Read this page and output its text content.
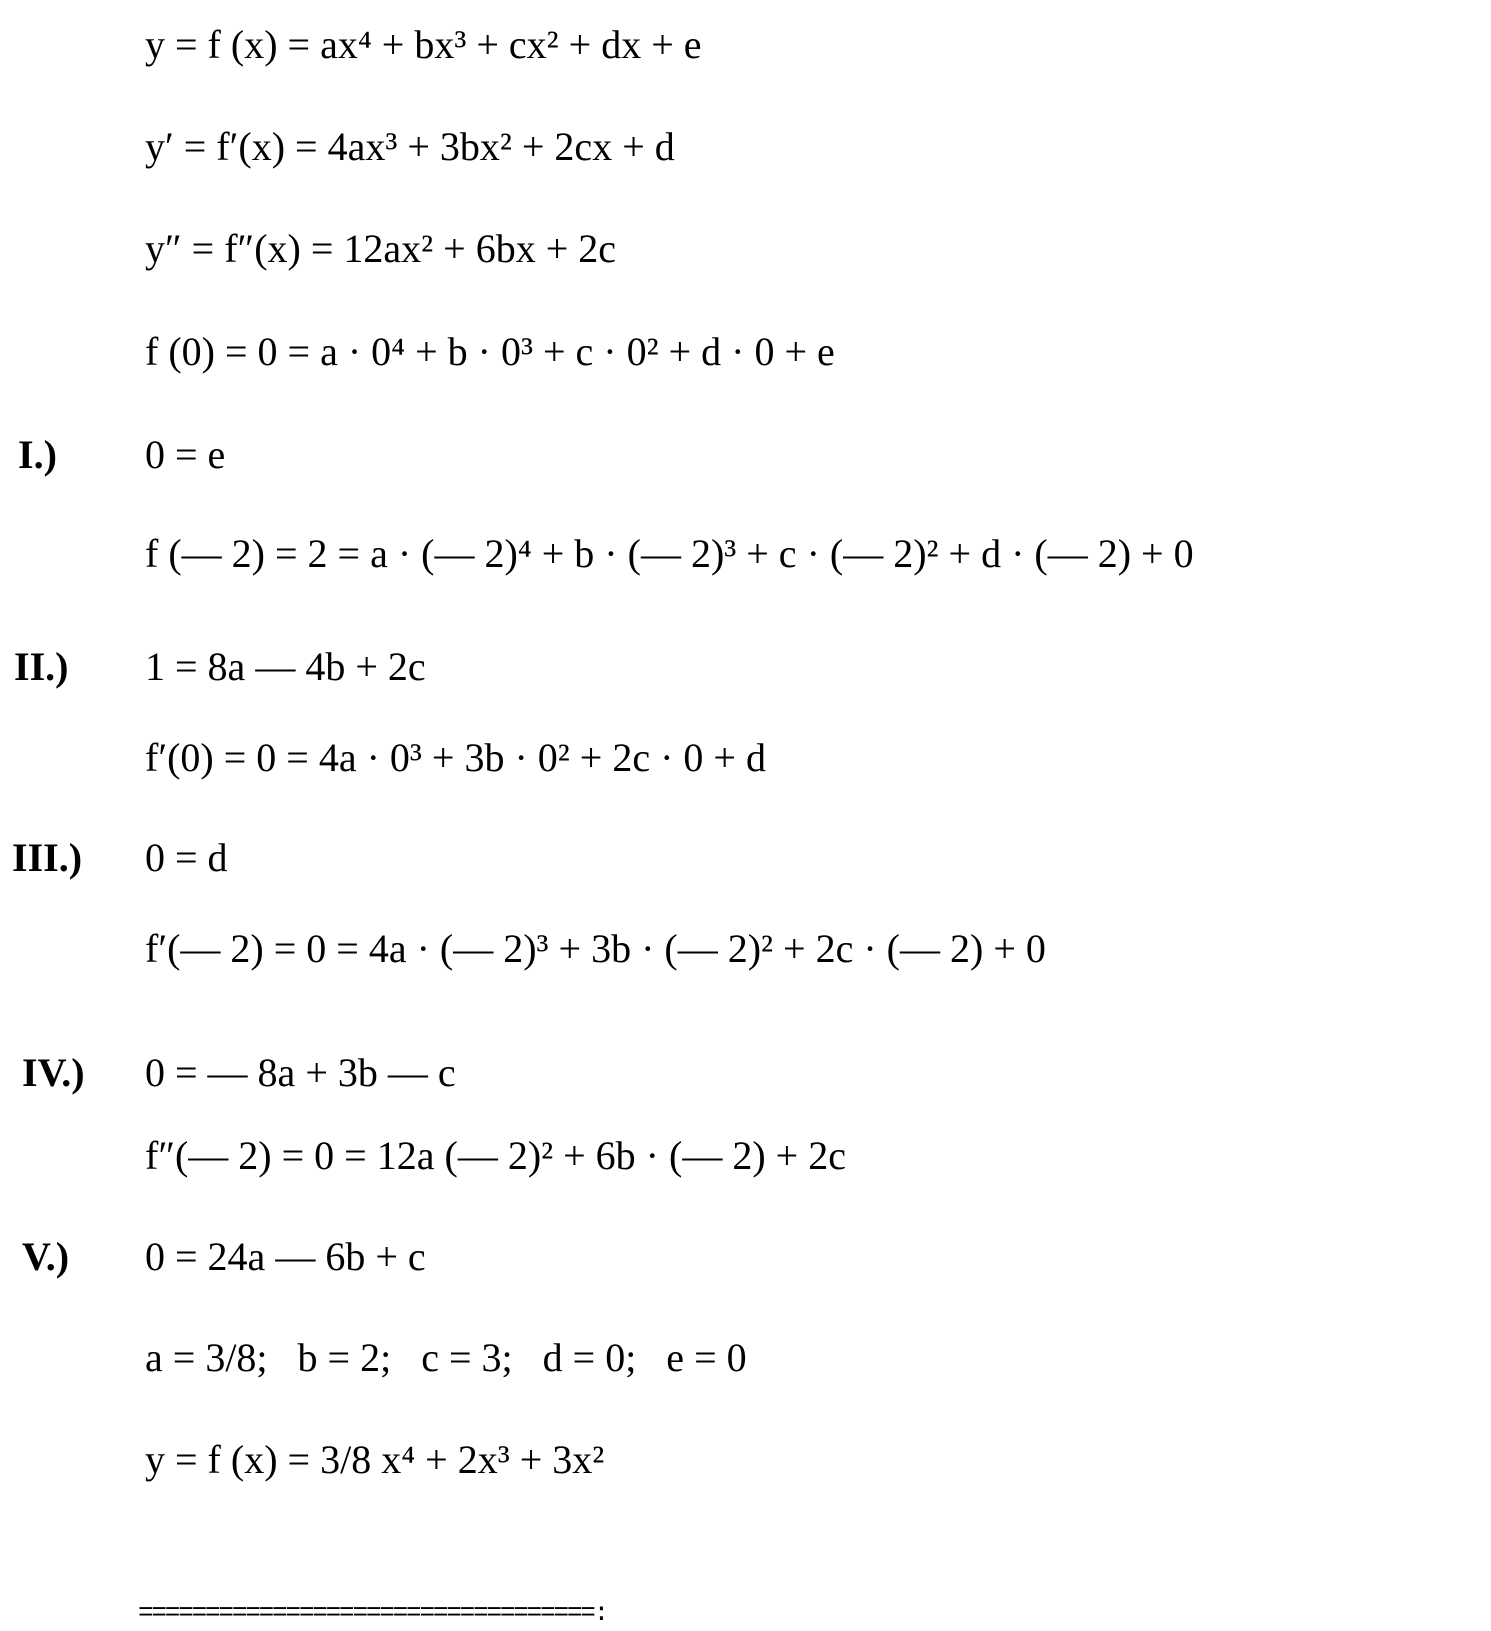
y = f (x) = ax⁴ + bx³ + cx² + dx + e
y′ = f′(x) = 4ax³ + 3bx² + 2cx + d
y″ = f″(x) = 12ax² + 6bx + 2c
f (0) = 0 = a · 0⁴ + b · 0³ + c · 0² + d · 0 + e
I.) 0 = e
f (— 2) = 2 = a · (— 2)⁴ + b · (— 2)³ + c · (— 2)² + d · (— 2) + 0
II.) 1 = 8a — 4b + 2c
f′(0) = 0 = 4a · 0³ + 3b · 0² + 2c · 0 + d
III.) 0 = d
f′(— 2) = 0 = 4a · (— 2)³ + 3b · (— 2)² + 2c · (— 2) + 0
IV.) 0 = — 8a + 3b — c
f″(— 2) = 0 = 12a (— 2)² + 6b · (— 2) + 2c
V.) 0 = 24a — 6b + c
a = 3/8;   b = 2;   c = 3;   d = 0;   e = 0
y = f (x) = 3/8 x⁴ + 2x³ + 3x²
==================================:
